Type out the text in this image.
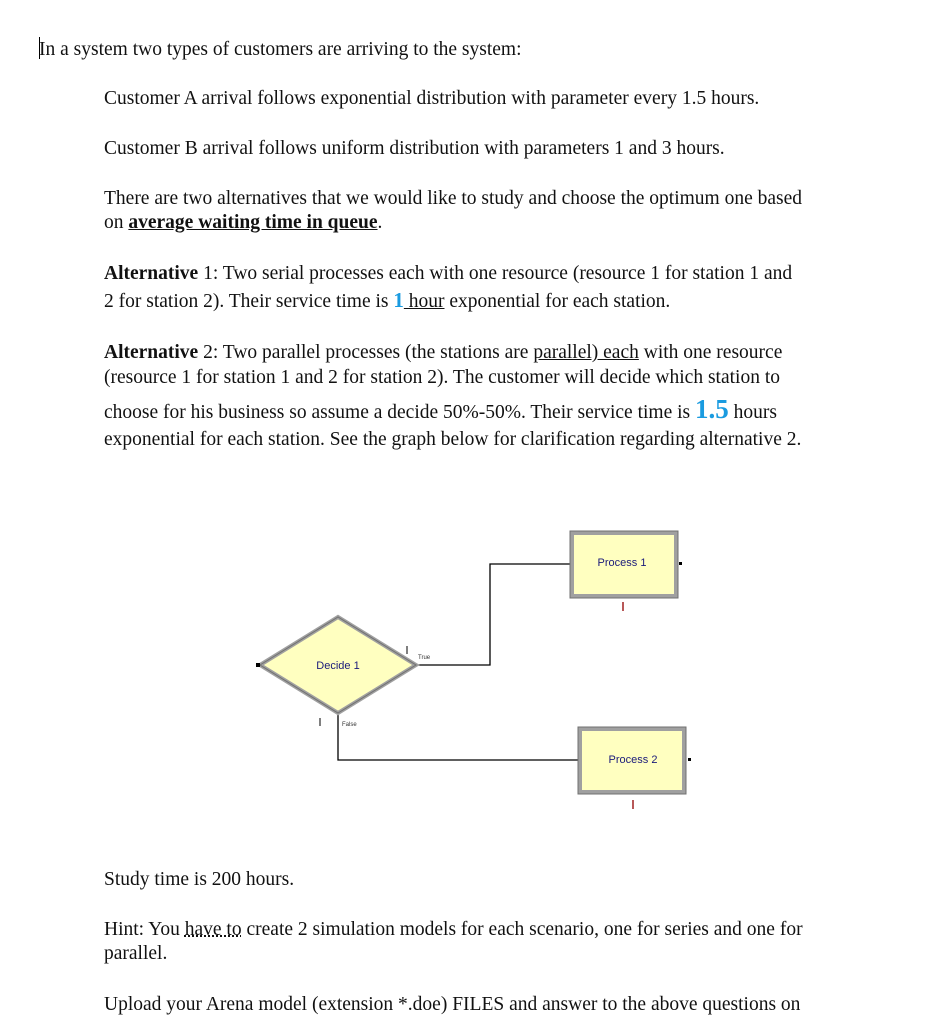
In a system two types of customers are arriving to the system:
Customer A arrival follows exponential distribution with parameter every 1.5 hours.
Customer B arrival follows uniform distribution with parameters 1 and 3 hours.
There are two alternatives that we would like to study and choose the optimum one based
on average waiting time in queue.
Alternative 1: Two serial processes each with one resource (resource 1 for station 1 and
2 for station 2). Their service time is 1 hour exponential for each station.
Alternative 2: Two parallel processes (the stations are parallel) each with one resource
(resource 1 for station 1 and 2 for station 2). The customer will decide which station to
choose for his business so assume a decide 50%-50%. Their service time is 1.5 hours
exponential for each station. See the graph below for clarification regarding alternative 2.
Decide 1
True
False
Process 1
Process 2
Study time is 200 hours.
Hint: You have to create 2 simulation models for each scenario, one for series and one for
parallel.
Upload your Arena model (extension *.doe) FILES and answer to the above questions on
